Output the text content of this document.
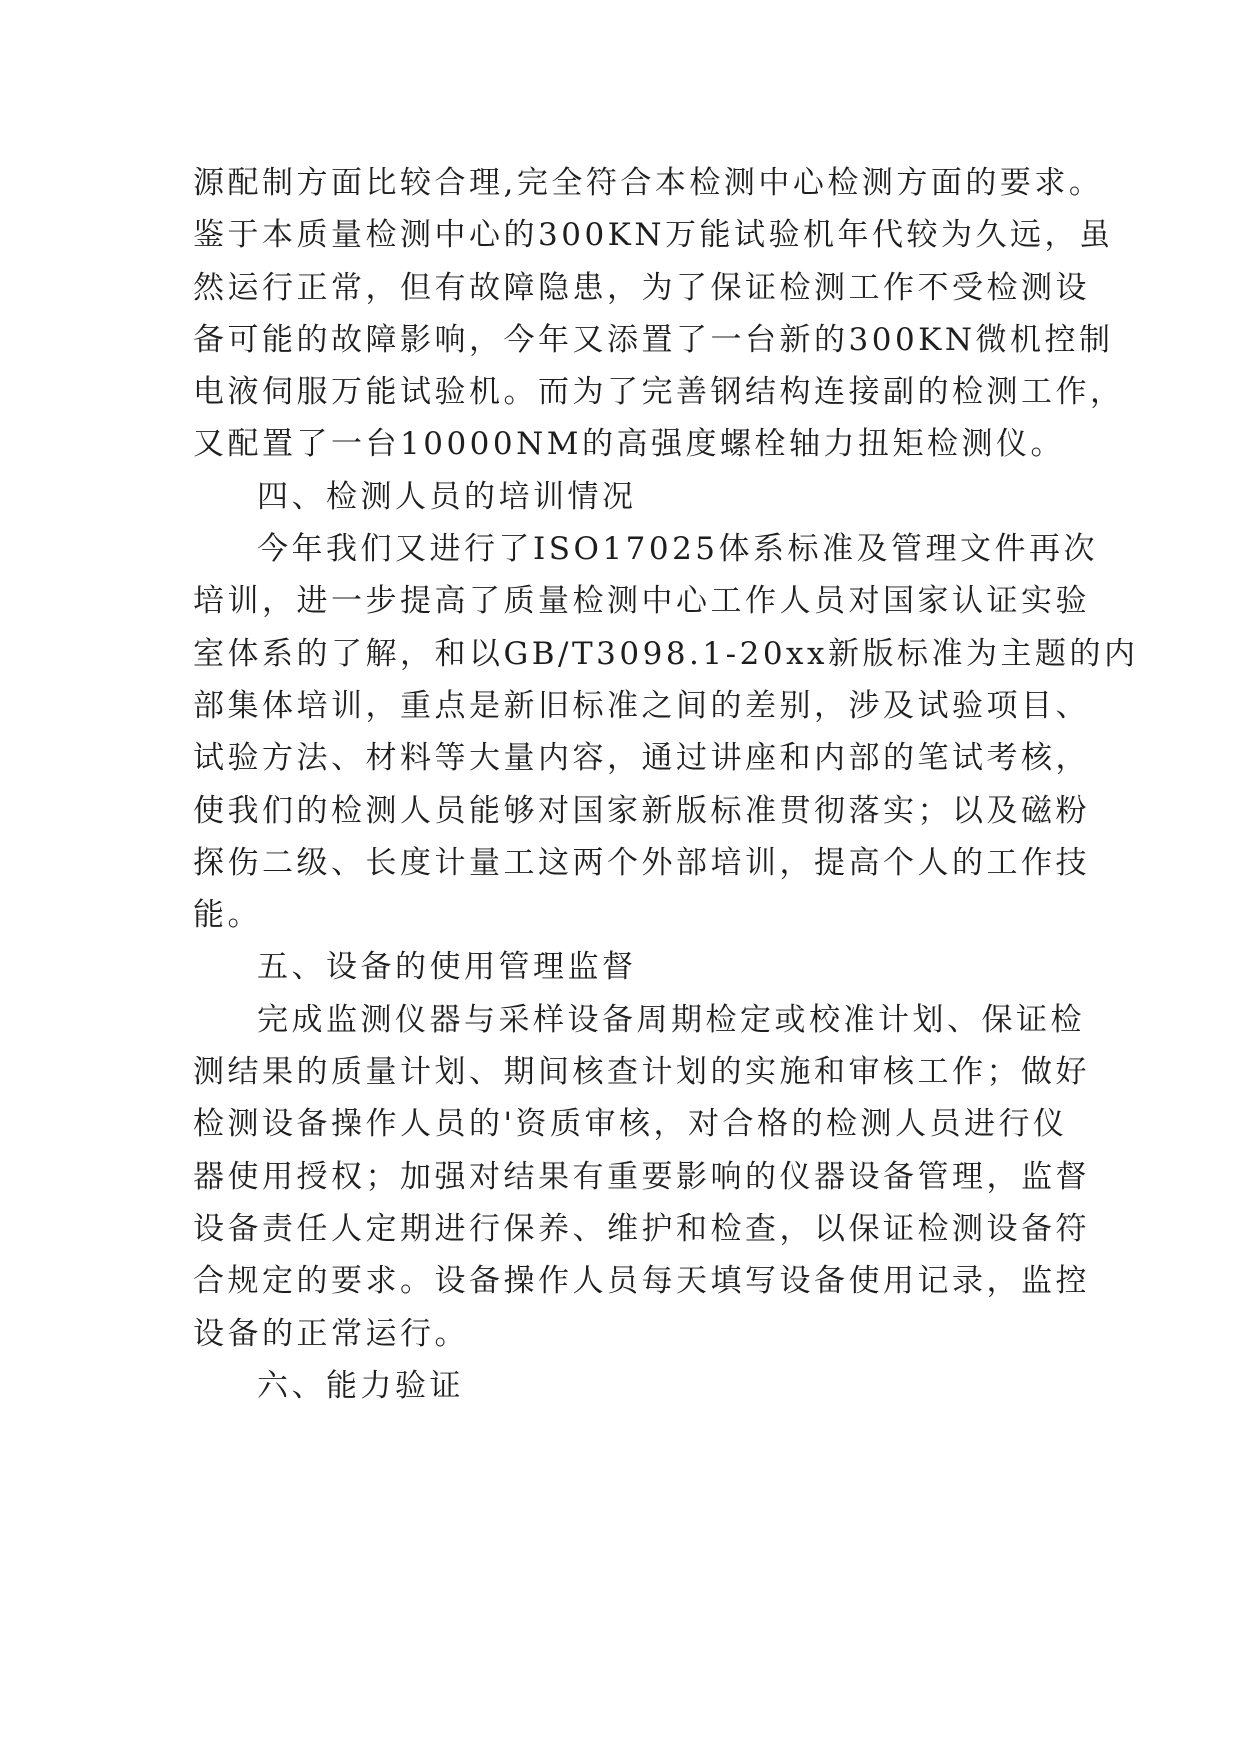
源配制方面比较合理,完全符合本检测中心检测方面的要求。
鉴于本质量检测中心的300KN万能试验机年代较为久远，虽
然运行正常，但有故障隐患，为了保证检测工作不受检测设
备可能的故障影响，今年又添置了一台新的300KN微机控制
电液伺服万能试验机。而为了完善钢结构连接副的检测工作，
又配置了一台10000NM的高强度螺栓轴力扭矩检测仪。
四、检测人员的培训情况
今年我们又进行了ISO17025体系标准及管理文件再次
培训，进一步提高了质量检测中心工作人员对国家认证实验
室体系的了解，和以GB/T3098.1-20xx新版标准为主题的内
部集体培训，重点是新旧标准之间的差别，涉及试验项目、
试验方法、材料等大量内容，通过讲座和内部的笔试考核，
使我们的检测人员能够对国家新版标准贯彻落实；以及磁粉
探伤二级、长度计量工这两个外部培训，提高个人的工作技
能。
五、设备的使用管理监督
完成监测仪器与采样设备周期检定或校准计划、保证检
测结果的质量计划、期间核查计划的实施和审核工作；做好
检测设备操作人员的'资质审核，对合格的检测人员进行仪
器使用授权；加强对结果有重要影响的仪器设备管理，监督
设备责任人定期进行保养、维护和检查，以保证检测设备符
合规定的要求。设备操作人员每天填写设备使用记录，监控
设备的正常运行。
六、能力验证
